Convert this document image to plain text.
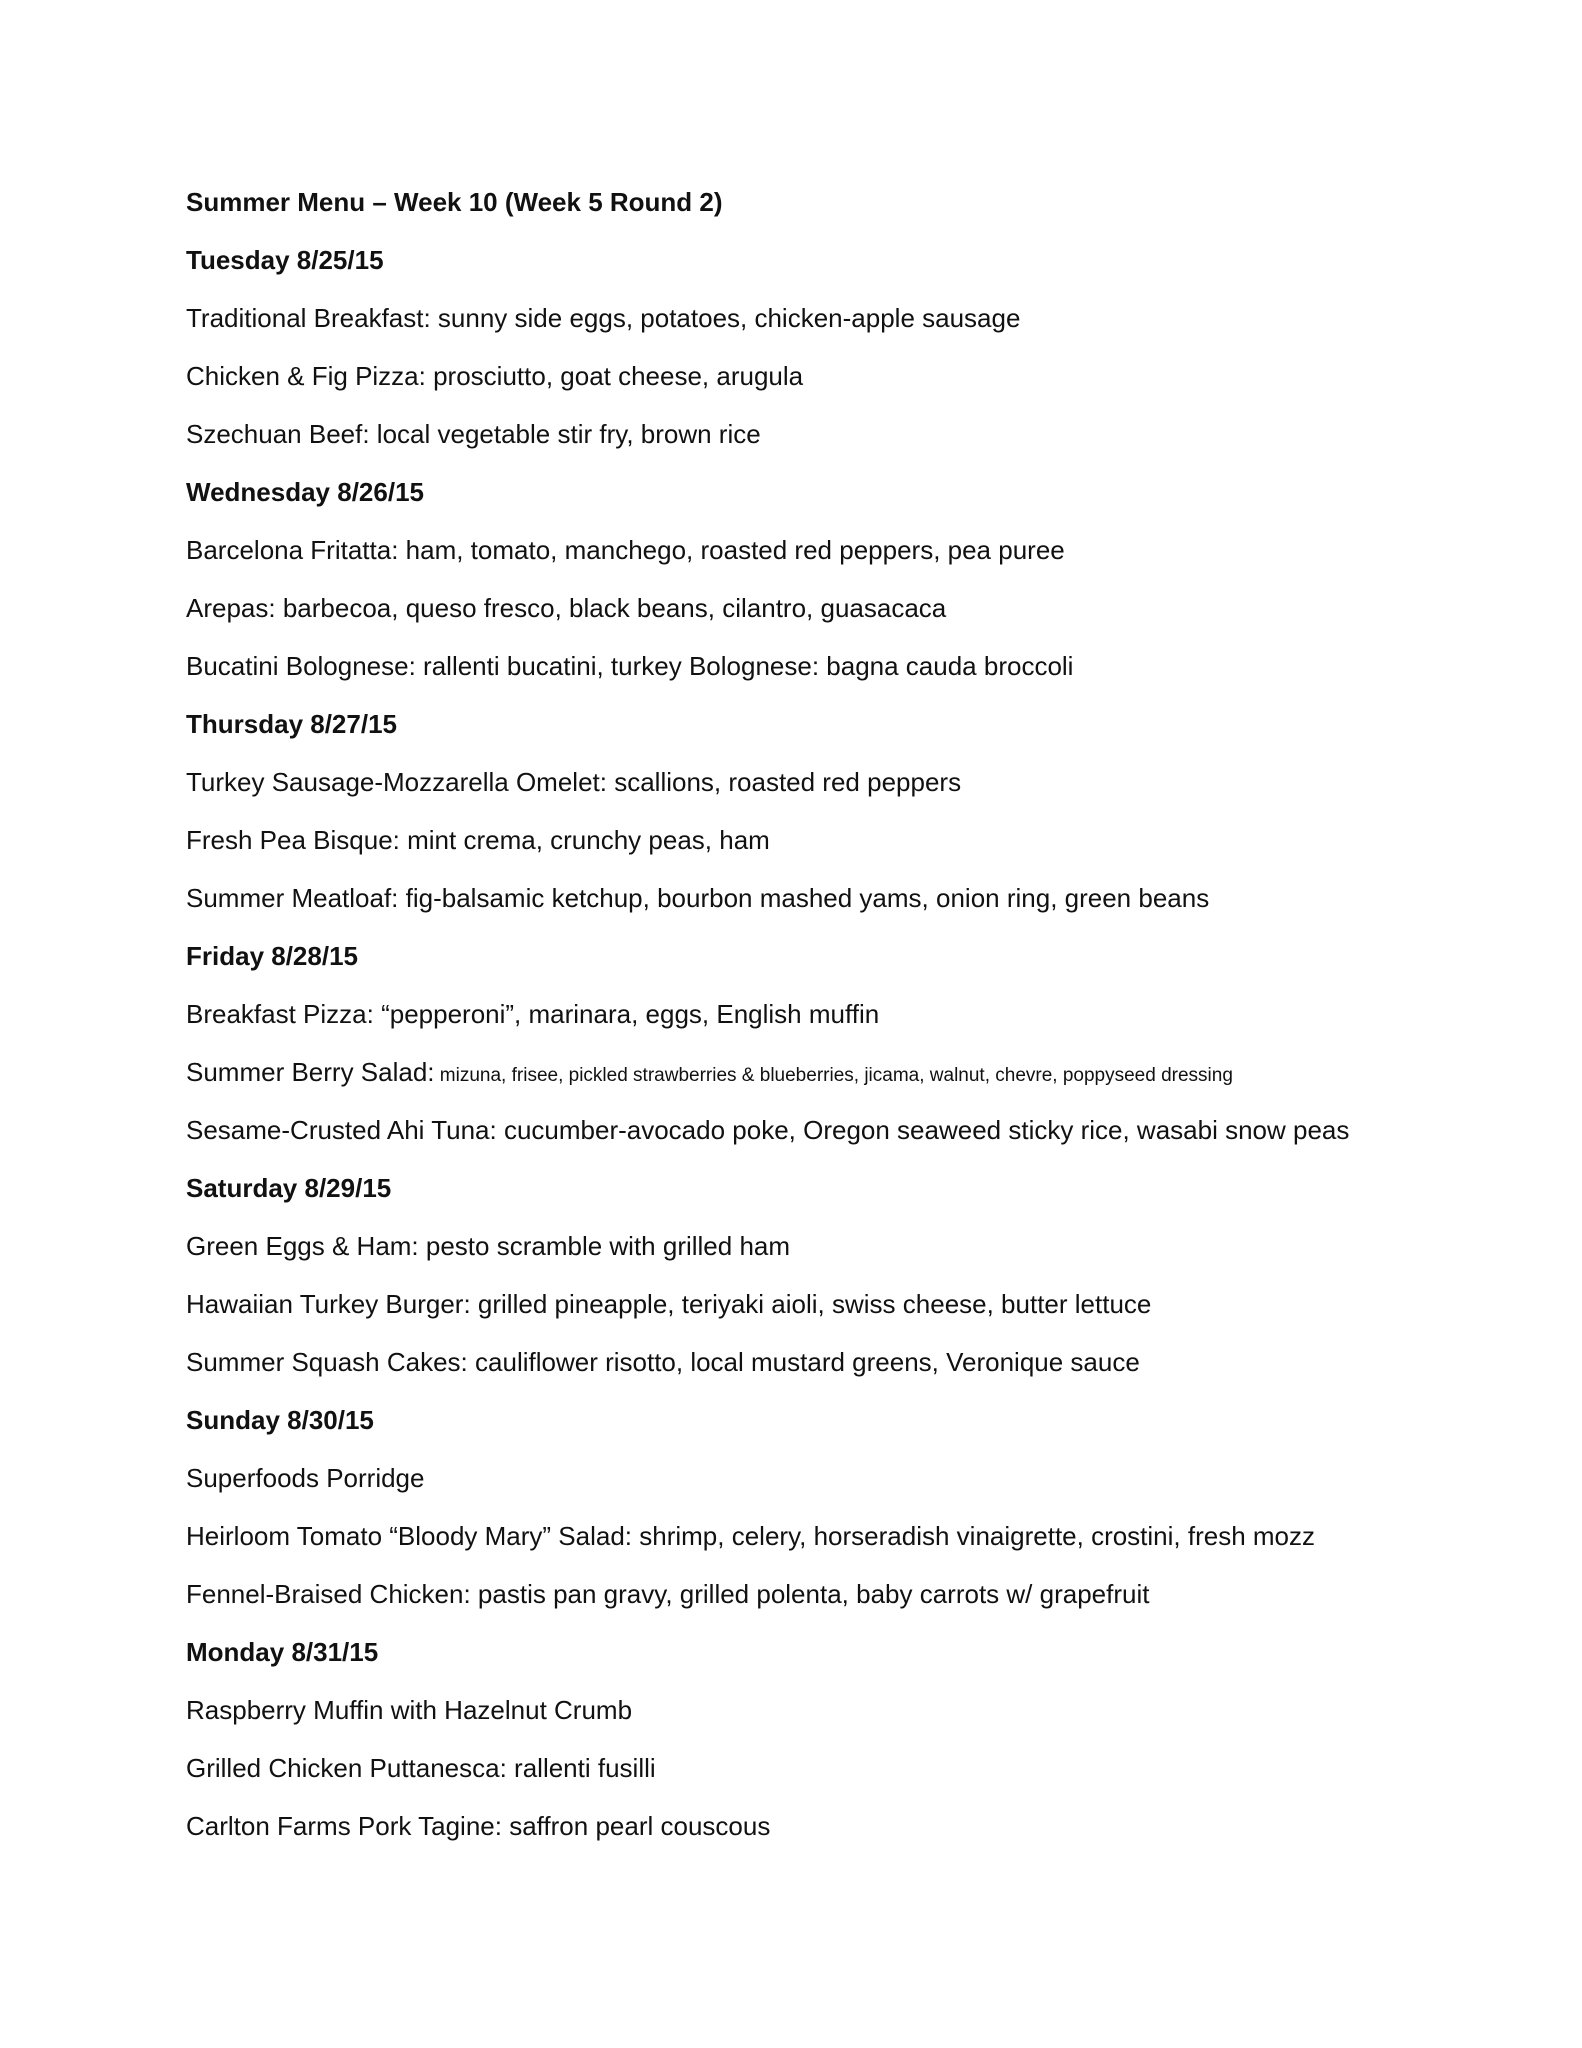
Summer Menu – Week 10 (Week 5 Round 2)
Tuesday 8/25/15
Traditional Breakfast: sunny side eggs, potatoes, chicken-apple sausage
Chicken & Fig Pizza: prosciutto, goat cheese, arugula
Szechuan Beef: local vegetable stir fry, brown rice
Wednesday 8/26/15
Barcelona Fritatta: ham, tomato, manchego, roasted red peppers, pea puree
Arepas: barbecoa, queso fresco, black beans, cilantro, guasacaca
Bucatini Bolognese: rallenti bucatini, turkey Bolognese: bagna cauda broccoli
Thursday 8/27/15
Turkey Sausage-Mozzarella Omelet: scallions, roasted red peppers
Fresh Pea Bisque: mint crema, crunchy peas, ham
Summer Meatloaf: fig-balsamic ketchup, bourbon mashed yams, onion ring, green beans
Friday 8/28/15
Breakfast Pizza: “pepperoni”, marinara, eggs, English muffin
Summer Berry Salad: mizuna, frisee, pickled strawberries & blueberries, jicama, walnut, chevre, poppyseed dressing
Sesame-Crusted Ahi Tuna: cucumber-avocado poke, Oregon seaweed sticky rice, wasabi snow peas
Saturday 8/29/15
Green Eggs & Ham: pesto scramble with grilled ham
Hawaiian Turkey Burger: grilled pineapple, teriyaki aioli, swiss cheese, butter lettuce
Summer Squash Cakes: cauliflower risotto, local mustard greens, Veronique sauce
Sunday 8/30/15
Superfoods Porridge
Heirloom Tomato “Bloody Mary” Salad: shrimp, celery, horseradish vinaigrette, crostini, fresh mozz
Fennel-Braised Chicken: pastis pan gravy, grilled polenta, baby carrots w/ grapefruit
Monday 8/31/15
Raspberry Muffin with Hazelnut Crumb
Grilled Chicken Puttanesca: rallenti fusilli
Carlton Farms Pork Tagine: saffron pearl couscous
